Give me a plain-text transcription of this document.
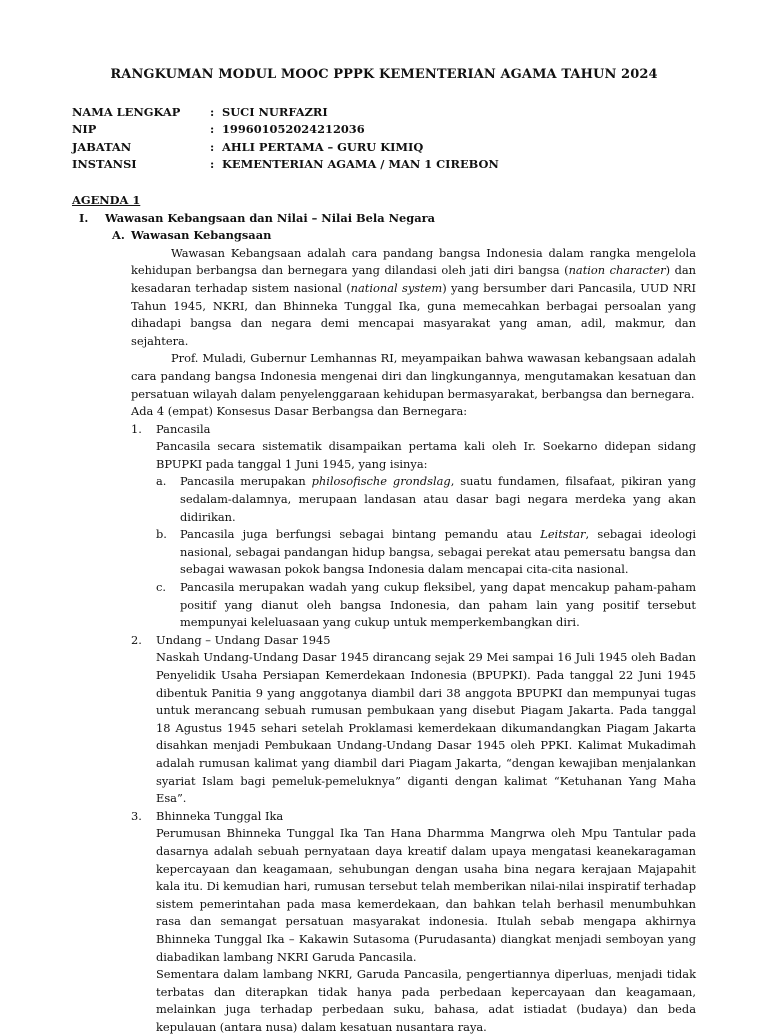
RANGKUMAN MODUL MOOC PPPK KEMENTERIAN AGAMA TAHUN 2024
NAMA LENGKAP	: SUCI NURFAZRI
NIP	: 199601052024212036
JABATAN	: AHLI PERTAMA – GURU KIMIQ
INSTANSI	: KEMENTERIAN AGAMA / MAN 1 CIREBON
AGENDA 1
I.	Wawasan Kebangsaan dan Nilai – Nilai Bela Negara
A. Wawasan Kebangsaan
Wawasan Kebangsaan adalah cara pandang bangsa Indonesia dalam rangka mengelola kehidupan berbangsa dan bernegara yang dilandasi oleh jati diri bangsa (nation character) dan kesadaran terhadap sistem nasional (national system) yang bersumber dari Pancasila, UUD NRI Tahun 1945, NKRI, dan Bhinneka Tunggal Ika, guna memecahkan berbagai persoalan yang dihadapi bangsa dan negara demi mencapai masyarakat yang aman, adil, makmur, dan sejahtera.
Prof. Muladi, Gubernur Lemhannas RI, meyampaikan bahwa wawasan kebangsaan adalah cara pandang bangsa Indonesia mengenai diri dan lingkungannya, mengutamakan kesatuan dan persatuan wilayah dalam penyelenggaraan kehidupan bermasyarakat, berbangsa dan bernegara.
Ada 4 (empat) Konsesus Dasar Berbangsa dan Bernegara:
1.	Pancasila
Pancasila secara sistematik disampaikan pertama kali oleh Ir. Soekarno didepan sidang BPUPKI pada tanggal 1 Juni 1945, yang isinya:
a.	Pancasila merupakan philosofische grondslag, suatu fundamen, filsafaat, pikiran yang sedalam-dalamnya, merupaan landasan atau dasar bagi negara merdeka yang akan didirikan.
b.	Pancasila juga berfungsi sebagai bintang pemandu atau Leitstar, sebagai ideologi nasional, sebagai pandangan hidup bangsa, sebagai perekat atau pemersatu bangsa dan sebagai wawasan pokok bangsa Indonesia dalam mencapai cita-cita nasional.
c.	Pancasila merupakan wadah yang cukup fleksibel, yang dapat mencakup paham-paham positif yang dianut oleh bangsa Indonesia, dan paham lain yang positif tersebut mempunyai keleluasaan yang cukup untuk memperkembangkan diri.
2.	Undang – Undang Dasar 1945
Naskah Undang-Undang Dasar 1945 dirancang sejak 29 Mei sampai 16 Juli 1945 oleh Badan Penyelidik Usaha Persiapan Kemerdekaan Indonesia (BPUPKI). Pada tanggal 22 Juni 1945 dibentuk Panitia 9 yang anggotanya diambil dari 38 anggota BPUPKI dan mempunyai tugas untuk merancang sebuah rumusan pembukaan yang disebut Piagam Jakarta. Pada tanggal 18 Agustus 1945 sehari setelah Proklamasi kemerdekaan dikumandangkan Piagam Jakarta disahkan menjadi Pembukaan Undang-Undang Dasar 1945 oleh PPKI. Kalimat Mukadimah adalah rumusan kalimat yang diambil dari Piagam Jakarta, “dengan kewajiban menjalankan syariat Islam bagi pemeluk-pemeluknya” diganti dengan kalimat “Ketuhanan Yang Maha Esa”.
3.	Bhinneka Tunggal Ika
Perumusan Bhinneka Tunggal Ika Tan Hana Dharmma Mangrwa oleh Mpu Tantular pada dasarnya adalah sebuah pernyataan daya kreatif dalam upaya mengatasi keanekaragaman kepercayaan dan keagamaan, sehubungan dengan usaha bina negara kerajaan Majapahit kala itu. Di kemudian hari, rumusan tersebut telah memberikan nilai-nilai inspiratif terhadap sistem pemerintahan pada masa kemerdekaan, dan bahkan telah berhasil menumbuhkan rasa dan semangat persatuan masyarakat indonesia. Itulah sebab mengapa akhirnya Bhinneka Tunggal Ika – Kakawin Sutasoma (Purudasanta) diangkat menjadi semboyan yang diabadikan lambang NKRI Garuda Pancasila.
Sementara dalam lambang NKRI, Garuda Pancasila, pengertiannya diperluas, menjadi tidak terbatas dan diterapkan tidak hanya pada perbedaan kepercayaan dan keagamaan, melainkan juga terhadap perbedaan suku, bahasa, adat istiadat (budaya) dan beda kepulauan (antara nusa) dalam kesatuan nusantara raya.
